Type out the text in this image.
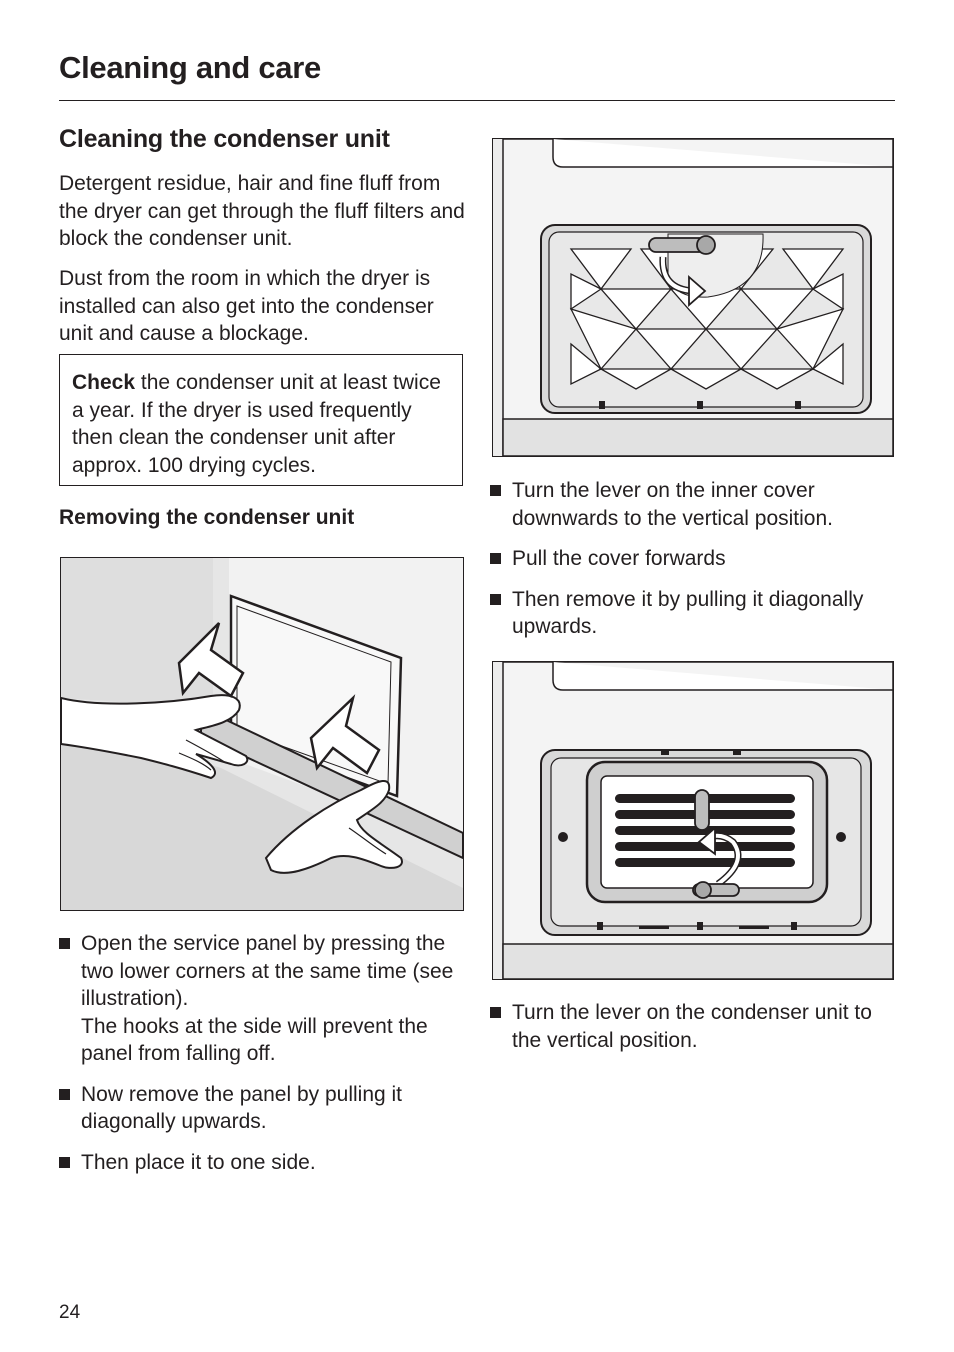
Cleaning and care
Cleaning the condenser unit

Detergent residue, hair and fine fluff from the dryer can get through the fluff filters and block the condenser unit.

Dust from the room in which the dryer is installed can also get into the condenser unit and cause a blockage.

Check the condenser unit at least twice a year. If the dryer is used frequently then clean the condenser unit after approx. 100 drying cycles.

Removing the condenser unit
Open the service panel by pressing the two lower corners at the same time (see illustration).
The hooks at the side will prevent the panel from falling off.
Now remove the panel by pulling it diagonally upwards.
Then place it to one side.
Turn the lever on the inner cover downwards to the vertical position.
Pull the cover forwards
Then remove it by pulling it diagonally upwards.
Turn the lever on the condenser unit to the vertical position.

24
